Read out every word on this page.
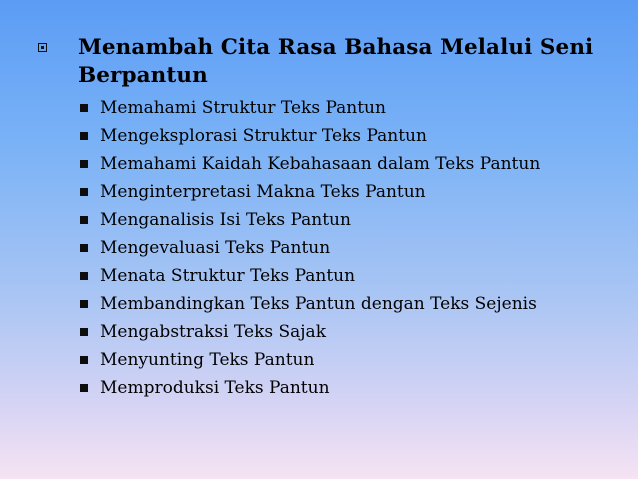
Menambah Cita Rasa Bahasa Melalui Seni Berpantun
Memahami Struktur Teks Pantun
Mengeksplorasi Struktur Teks Pantun
Memahami Kaidah Kebahasaan dalam Teks Pantun
Menginterpretasi Makna Teks Pantun
Menganalisis Isi Teks Pantun
Mengevaluasi Teks Pantun
Menata Struktur Teks Pantun
Membandingkan Teks Pantun dengan Teks Sejenis
Mengabstraksi Teks Sajak
Menyunting Teks Pantun
Memproduksi Teks Pantun
